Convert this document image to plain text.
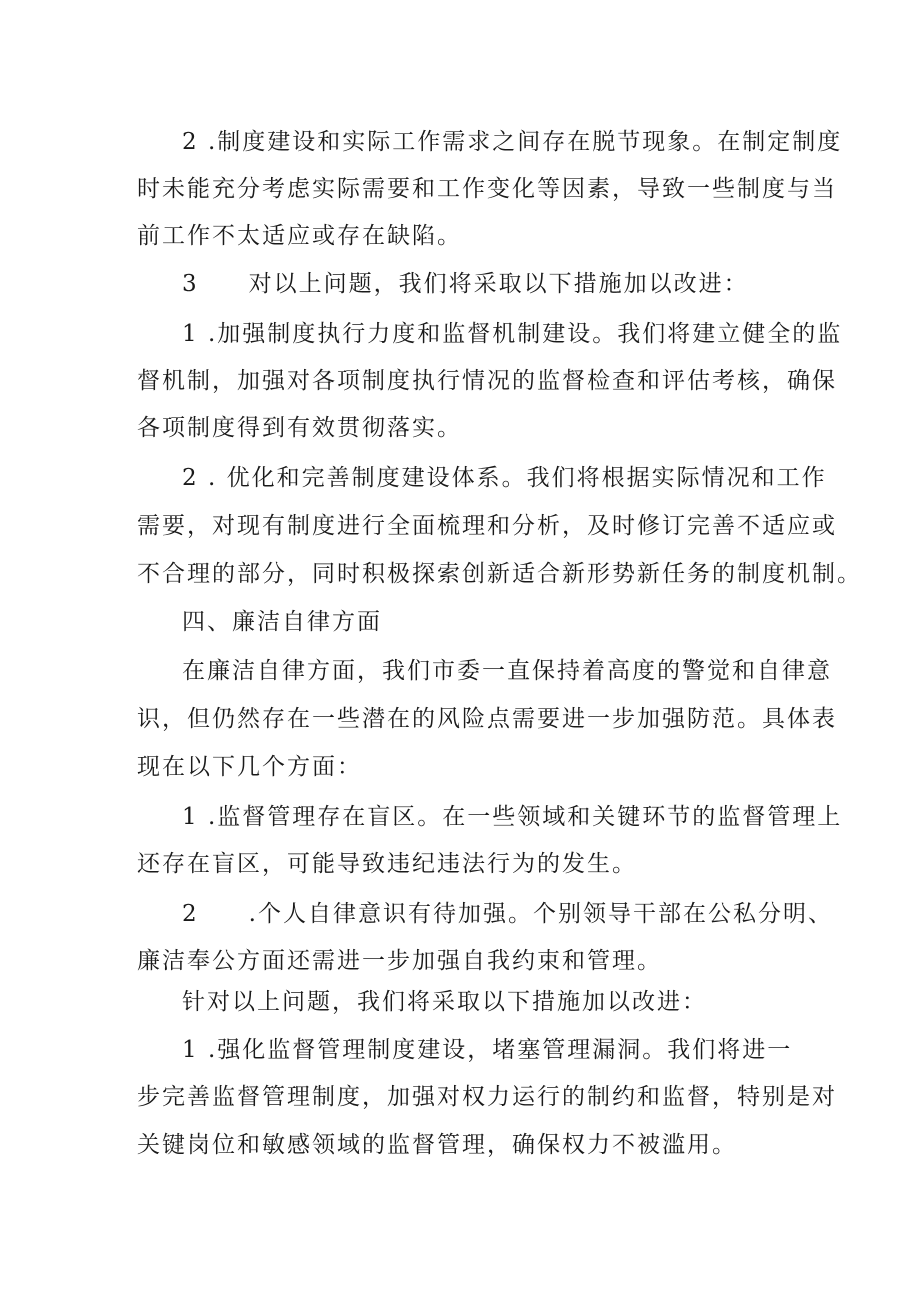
2 .制度建设和实际工作需求之间存在脱节现象。在制定制度
时未能充分考虑实际需要和工作变化等因素，导致一些制度与当
前工作不太适应或存在缺陷。
3　　对以上问题，我们将采取以下措施加以改进：
1 .加强制度执行力度和监督机制建设。我们将建立健全的监
督机制，加强对各项制度执行情况的监督检查和评估考核，确保
各项制度得到有效贯彻落实。
2 . 优化和完善制度建设体系。我们将根据实际情况和工作
需要，对现有制度进行全面梳理和分析，及时修订完善不适应或
不合理的部分，同时积极探索创新适合新形势新任务的制度机制。
四、廉洁自律方面
在廉洁自律方面，我们市委一直保持着高度的警觉和自律意
识，但仍然存在一些潜在的风险点需要进一步加强防范。具体表
现在以下几个方面：
1 .监督管理存在盲区。在一些领域和关键环节的监督管理上
还存在盲区，可能导致违纪违法行为的发生。
2　　.个人自律意识有待加强。个别领导干部在公私分明、
廉洁奉公方面还需进一步加强自我约束和管理。
针对以上问题，我们将采取以下措施加以改进：
1 .强化监督管理制度建设，堵塞管理漏洞。我们将进一
步完善监督管理制度，加强对权力运行的制约和监督，特别是对
关键岗位和敏感领域的监督管理，确保权力不被滥用。
